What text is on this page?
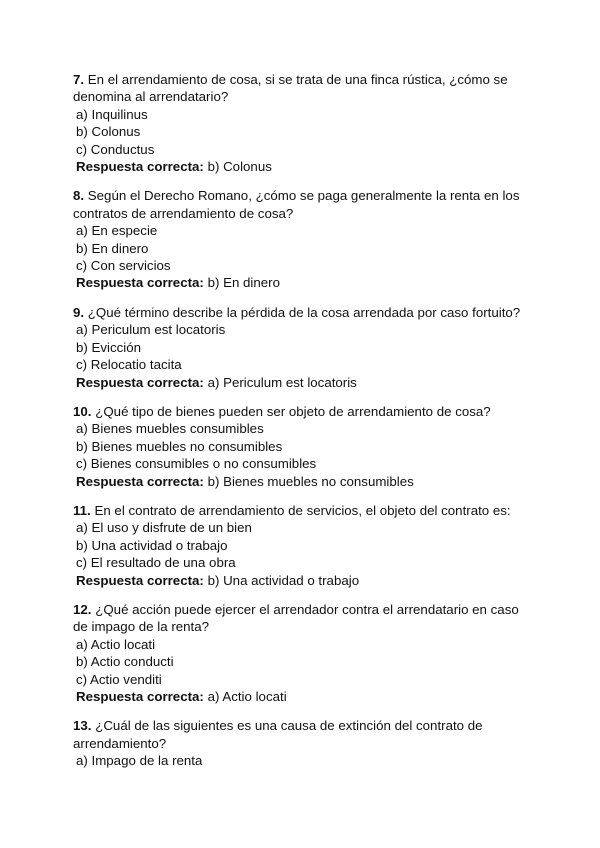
7. En el arrendamiento de cosa, si se trata de una finca rústica, ¿cómo se denomina al arrendatario?

a) Inquilinus

b) Colonus

c) Conductus

Respuesta correcta: b) Colonus

8. Según el Derecho Romano, ¿cómo se paga generalmente la renta en los contratos de arrendamiento de cosa?

a) En especie

b) En dinero

c) Con servicios

Respuesta correcta: b) En dinero

9. ¿Qué término describe la pérdida de la cosa arrendada por caso fortuito?

a) Periculum est locatoris

b) Evicción

c) Relocatio tacita

Respuesta correcta: a) Periculum est locatoris

10. ¿Qué tipo de bienes pueden ser objeto de arrendamiento de cosa?

a) Bienes muebles consumibles

b) Bienes muebles no consumibles

c) Bienes consumibles o no consumibles

Respuesta correcta: b) Bienes muebles no consumibles

11. En el contrato de arrendamiento de servicios, el objeto del contrato es:

a) El uso y disfrute de un bien

b) Una actividad o trabajo

c) El resultado de una obra

Respuesta correcta: b) Una actividad o trabajo

12. ¿Qué acción puede ejercer el arrendador contra el arrendatario en caso de impago de la renta?

a) Actio locati

b) Actio conducti

c) Actio venditi

Respuesta correcta: a) Actio locati

13. ¿Cuál de las siguientes es una causa de extinción del contrato de arrendamiento?

a) Impago de la renta
